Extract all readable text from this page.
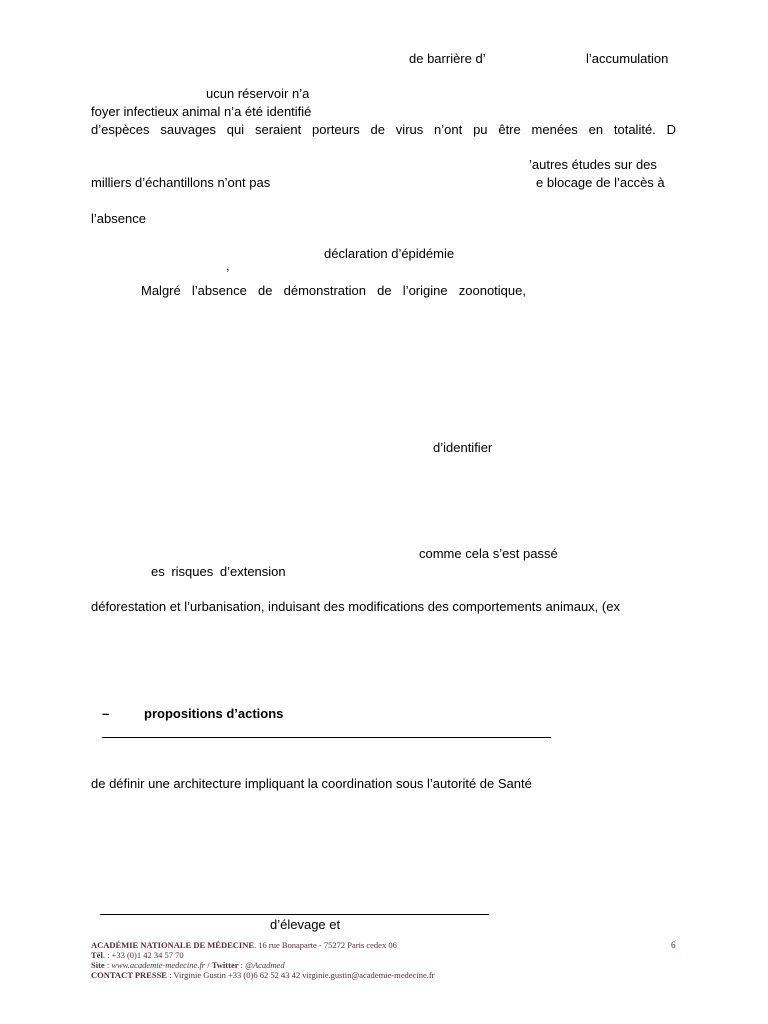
de barrière d’	l’accumulation
ucun réservoir n’a
foyer infectieux animal n’a été identifié
d’espèces sauvages qui seraient porteurs de virus n’ont pu être menées en totalité. D
’autres études sur des
milliers d’échantillons n’ont pas	e blocage de l’accès à
l’absence
déclaration d’épidémie
,
Malgré l’absence de démonstration de l’origine zoonotique,
d’identifier
comme cela s’est passé
es risques d’extension
déforestation et l’urbanisation, induisant des modifications des comportements animaux, (ex
–	propositions d’actions
de définir une architecture impliquant la coordination sous l’autorité de Santé
d’élevage et
ACADÉMIE NATIONALE DE MÉDECINE. 16 rue Bonaparte - 75272 Paris cedex 06	6
Tél. : +33 (0)1 42 34 57 70
Site : www.academie-medecine.fr / Twitter : @Acadmed
CONTACT PRESSE : Virginie Gustin +33 (0)6 62 52 43 42 virginie.gustin@academie-medecine.fr
